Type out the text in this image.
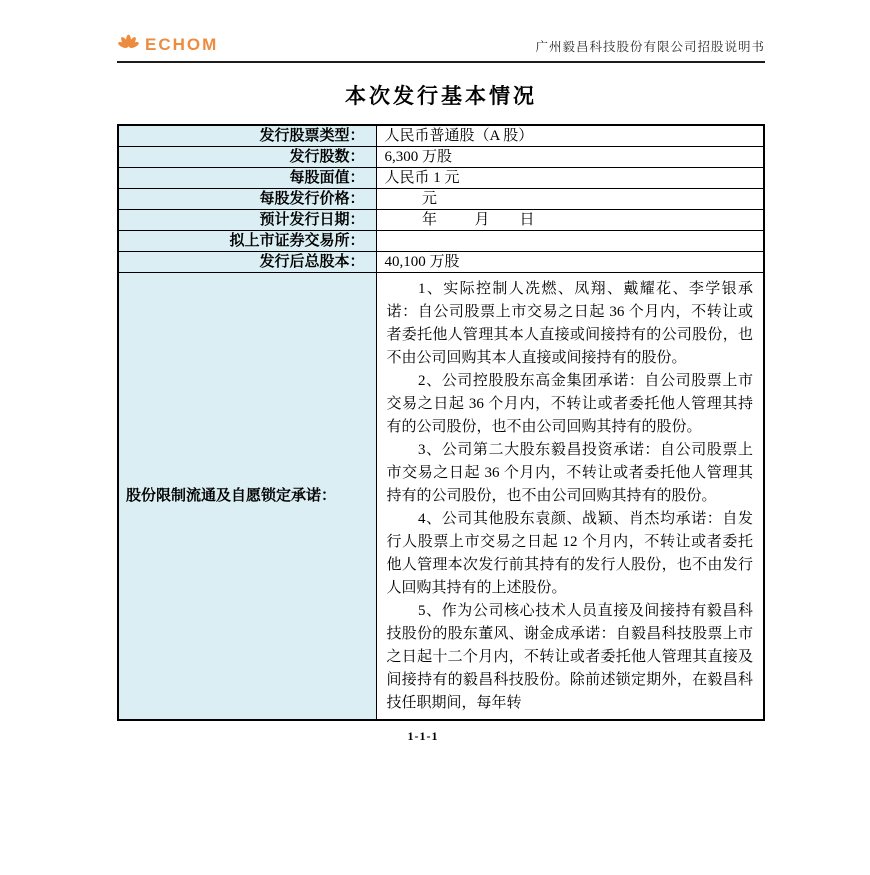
ECHOM	广州毅昌科技股份有限公司招股说明书
本次发行基本情况
发行股票类型：	人民币普通股（A 股）
发行股数：	6,300 万股
每股面值：	人民币 1 元
每股发行价格：	元
预计发行日期：	年          月        日
拟上市证券交易所：	
发行后总股本：	40,100 万股
股份限制流通及自愿锁定承诺：	1、实际控制人冼燃、凤翔、戴耀花、李学银承诺：自公司股票上市交易之日起 36 个月内，不转让或者委托他人管理其本人直接或间接持有的公司股份，也不由公司回购其本人直接或间接持有的股份。

2、公司控股股东高金集团承诺：自公司股票上市交易之日起 36 个月内，不转让或者委托他人管理其持有的公司股份，也不由公司回购其持有的股份。

3、公司第二大股东毅昌投资承诺：自公司股票上市交易之日起 36 个月内，不转让或者委托他人管理其持有的公司股份，也不由公司回购其持有的股份。

4、公司其他股东袁颜、战颖、肖杰均承诺：自发行人股票上市交易之日起 12 个月内，不转让或者委托他人管理本次发行前其持有的发行人股份，也不由发行人回购其持有的上述股份。

5、作为公司核心技术人员直接及间接持有毅昌科技股份的股东董风、谢金成承诺：自毅昌科技股票上市之日起十二个月内，不转让或者委托他人管理其直接及间接持有的毅昌科技股份。除前述锁定期外，在毅昌科技任职期间，每年转

1-1-1
